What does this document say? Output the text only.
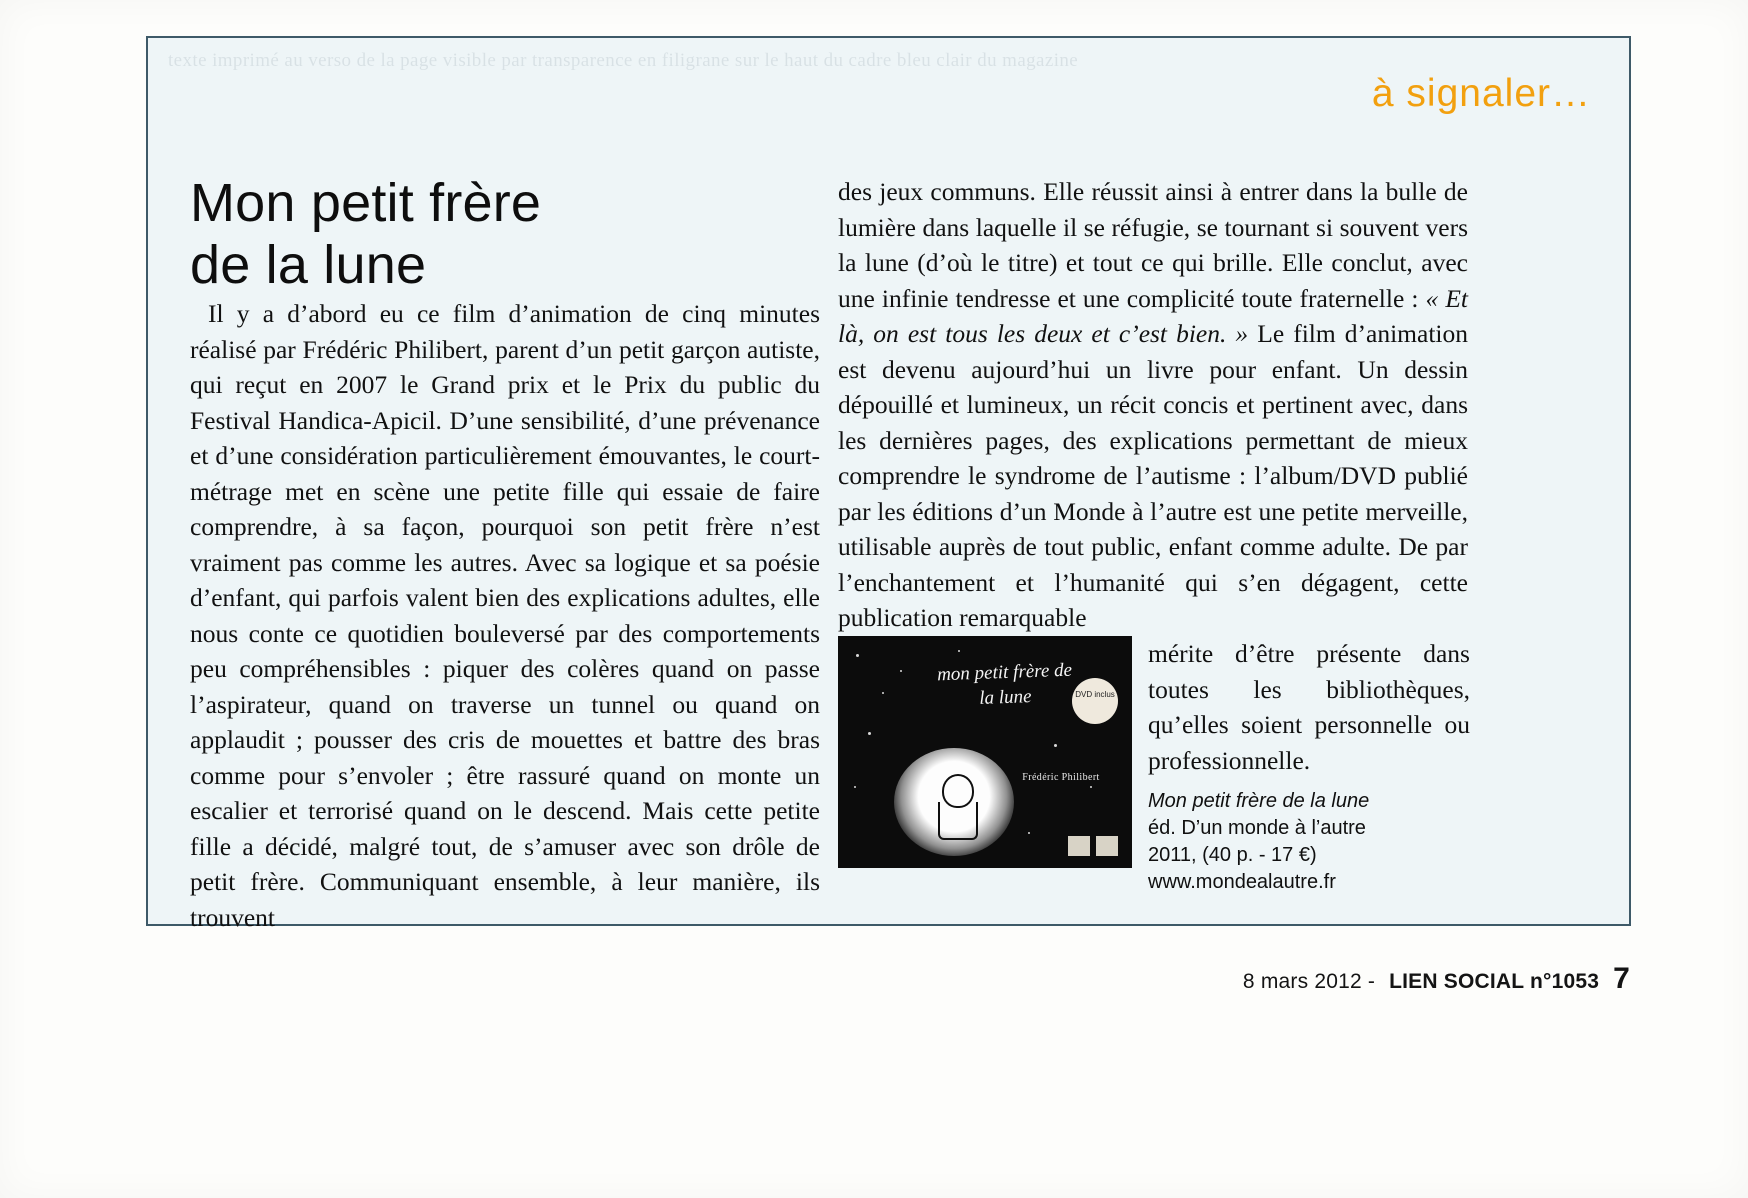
texte imprimé au verso de la page visible par transparence en filigrane sur le haut du cadre bleu clair du magazine
à signaler…
Mon petit frère
de la lune

Il y a d’abord eu ce film d’animation de cinq minutes réalisé par Frédéric Philibert, parent d’un petit garçon autiste, qui reçut en 2007 le Grand prix et le Prix du public du Festival Handica-Apicil. D’une sensibilité, d’une prévenance et d’une considération particulièrement émouvantes, le court-métrage met en scène une petite fille qui essaie de faire comprendre, à sa façon, pourquoi son petit frère n’est vraiment pas comme les autres. Avec sa logique et sa poésie d’enfant, qui parfois valent bien des explications adultes, elle nous conte ce quotidien bouleversé par des comportements peu compréhensibles : piquer des colères quand on passe l’aspirateur, quand on traverse un tunnel ou quand on applaudit ; pousser des cris de mouettes et battre des bras comme pour s’envoler ; être rassuré quand on monte un escalier et terrorisé quand on le descend. Mais cette petite fille a décidé, malgré tout, de s’amuser avec son drôle de petit frère. Communiquant ensemble, à leur manière, ils trouvent

des jeux communs. Elle réussit ainsi à entrer dans la bulle de lumière dans laquelle il se réfugie, se tournant si souvent vers la lune (d’où le titre) et tout ce qui brille. Elle conclut, avec une infinie tendresse et une complicité toute fraternelle : « Et là, on est tous les deux et c’est bien. » Le film d’animation est devenu aujourd’hui un livre pour enfant. Un dessin dépouillé et lumineux, un récit concis et pertinent avec, dans les dernières pages, des explications permettant de mieux comprendre le syndrome de l’autisme : l’album/DVD publié par les éditions d’un Monde à l’autre est une petite merveille, utilisable auprès de tout public, enfant comme adulte. De par l’enchantement et l’humanité qui s’en dégagent, cette publication remarquable

mon petit frère de la lune	DVD inclus
Frédéric Philibert

mérite d’être présente dans toutes les bibliothèques, qu’elles soient personnelle ou professionnelle.

Mon petit frère de la lune
éd. D’un monde à l’autre
2011, (40 p. - 17 €)
www.mondealautre.fr
8 mars 2012 - LIEN SOCIAL n°1053 7
